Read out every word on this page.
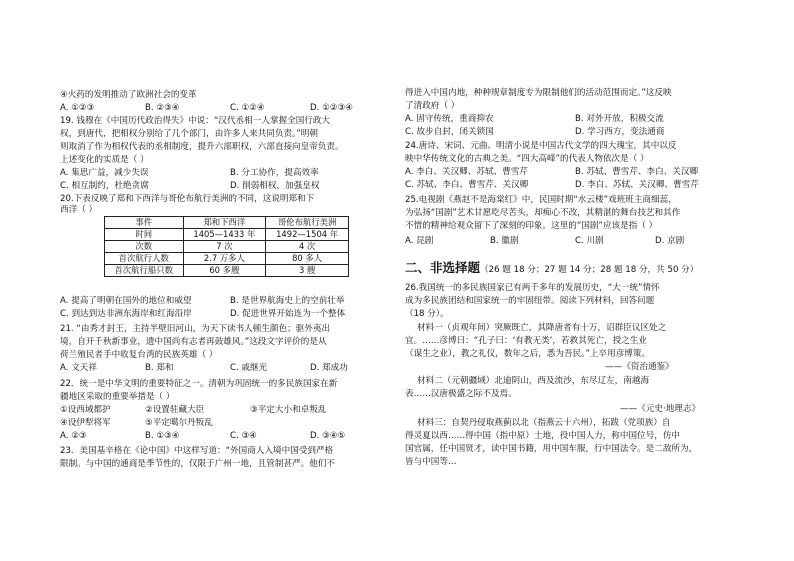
④火药的发明推动了欧洲社会的变革
A. ①②③	B. ②③④	C. ①②④	D. ①②③④
19. 钱穆在《中国历代政治得失》中说：“汉代丞相一人掌握全国行政大
权，到唐代，把相权分别给了几个部门，由许多人来共同负责。”明朝
则取消了作为相权代表的丞相制度，提升六部职权，六部直接向皇帝负责。
上述变化的实质是（ ）
A. 集思广益，减少失误	B. 分工协作，提高效率
C. 相互制约，杜绝贪腐	D. 削弱相权，加强皇权
20.下表反映了郑和下西洋与哥伦布航行美洲的不同，这说明郑和下
西洋（ ）
事件	郑和下西洋	哥伦布航行美洲
时间	1405—1433 年	1492—1504 年
次数	7 次	4 次
首次航行人数	2.7 万多人	80 多人
首次航行船只数	60 多艘	3 艘
A. 提高了明朝在国外的地位和威望	B. 是世界航海史上的空前壮举
C. 到达到达非洲东海岸和红海沿岸	D. 促进世界开始连为一个整体
21. “由秀才封王，主持半壁旧河山，为天下读书人顿生颜色；驱外夷出
境，自开千秋新事业，遗中国尚有志者再鼓雄风。”这段文字评价的是从
荷兰殖民者手中收复台湾的民族英雄（ ）
A. 文天祥	B. 郑和	C. 戚继光	D. 郑成功
22．统一是中华文明的重要特征之一。清朝为巩固统一的多民族国家在新
疆地区采取的重要举措是（ ）
①设西域都护	②设置驻藏大臣	③平定大小和卓叛乱
④设伊犁将军	⑤平定噶尔丹叛乱
A. ②③	B. ①③④	C. ③④	D. ③④⑤
23．美国基辛格在《论中国》中这样写道：“外国商人入境中国受到严格
限制。与中国的通商是季节性的，仅限于广州一地，且管制甚严。他们不
得进入中国内地，种种规章制度专为限制他们的活动范围而定。”这反映
了清政府（ ）
A. 固守传统，重商抑农	B. 对外开放，积极交流
C. 故步自封，闭关锁国	D. 学习西方，变法通商
24.唐诗、宋词、元曲、明清小说是中国古代文学的四大瑰宝，其中以反
映中华传统文化的古典之美。“四大高峰”的代表人物依次是（ ）
A. 李白、关汉卿、苏轼、曹雪芹	B. 苏轼、曹雪芹、李白、关汉卿
C. 苏轼、李白、曹雪芹、关汉卿	D. 李白、苏轼、关汉卿、曹雪芹
25.电视剧《燕赵不是海棠红》中，民国时期“水云楼”戏班班主商细蕊，
为弘扬“国剧”艺术甘愿吃尽苦头，却痴心不改，其精湛的舞台技艺和其作
不惜的精神给观众留下了深刻的印象。这里的“国剧”应该是指（ ）
A. 昆剧	B. 徽剧	C. 川剧	D. 京剧
二、非选择题（26 题 18 分；27 题 14 分；28 题 18 分，共 50 分）
26.我国统一的多民族国家已有两千多年的发展历史，“大一统”情怀
成为多民族团结和国家统一的牢固纽带。阅读下列材料，回答问题
（18 分）。
材料一（贞观年间）突厥既亡，其降唐者有十万，诏群臣议区处之
宜。……彦博曰：“孔子曰：‘有教无类’，若救其死亡，授之生业
（谋生之业），教之礼仪，数年之后，悉为吾民。”上卒用彦博策。
——《资治通鉴》
材料二（元朝疆域）北逾阴山，西及流沙，东尽辽左，南越海
表……汉唐极盛之际不及焉。
——《元史·地理志》
材料三：自契丹侵取燕蓟以北（指燕云十六州），拓跋（党项族）自
得灵夏以西……得中国（指中原）土地，役中国人力，称中国位号，仿中
国官属，任中国贤才，读中国书籍，用中国车服，行中国法令。是二敌所为，
皆与中国等…
